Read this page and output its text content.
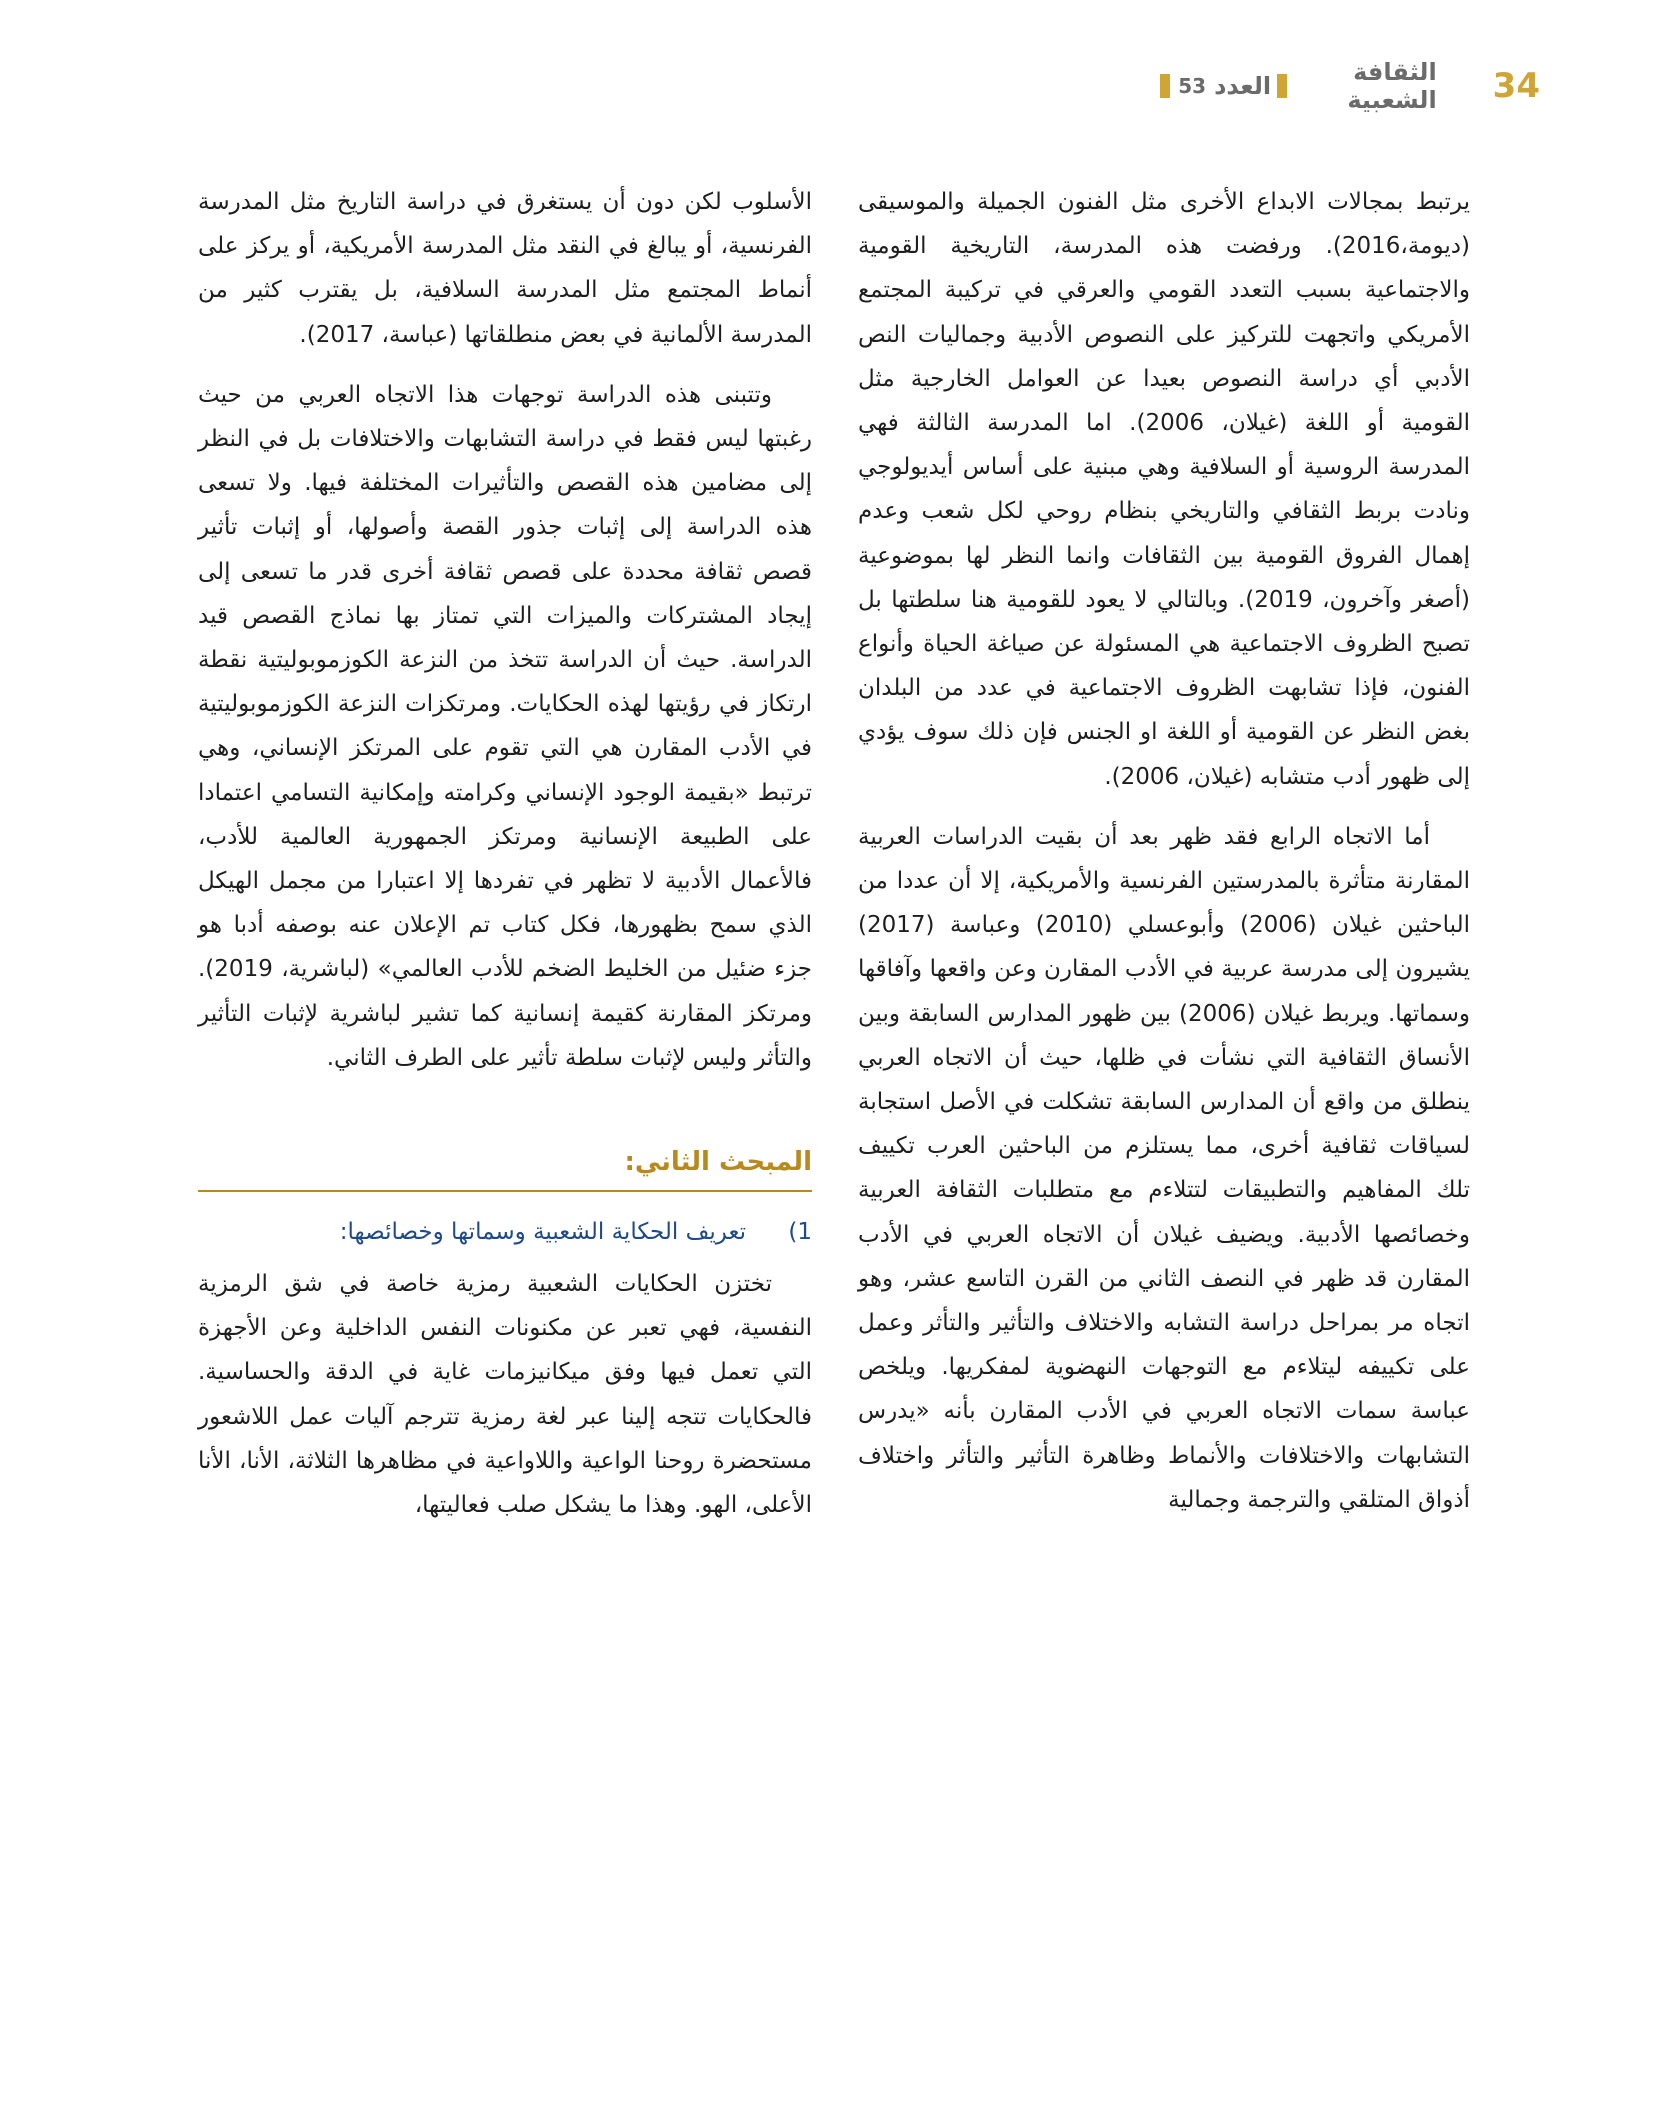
53 العدد	الثقافة الشعبية 34

يرتبط بمجالات الابداع الأخرى مثل الفنون الجميلة والموسيقى (ديومة،2016). ورفضت هذه المدرسة، التاريخية القومية والاجتماعية بسبب التعدد القومي والعرقي في تركيبة المجتمع الأمريكي واتجهت للتركيز على النصوص الأدبية وجماليات النص الأدبي أي دراسة النصوص بعيدا عن العوامل الخارجية مثل القومية أو اللغة (غيلان، 2006). اما المدرسة الثالثة فهي المدرسة الروسية أو السلافية وهي مبنية على أساس أيديولوجي ونادت بربط الثقافي والتاريخي بنظام روحي لكل شعب وعدم إهمال الفروق القومية بين الثقافات وانما النظر لها بموضوعية (أصغر وآخرون، 2019). وبالتالي لا يعود للقومية هنا سلطتها بل تصبح الظروف الاجتماعية هي المسئولة عن صياغة الحياة وأنواع الفنون، فإذا تشابهت الظروف الاجتماعية في عدد من البلدان بغض النظر عن القومية أو اللغة او الجنس فإن ذلك سوف يؤدي إلى ظهور أدب متشابه (غيلان، 2006).

أما الاتجاه الرابع فقد ظهر بعد أن بقيت الدراسات العربية المقارنة متأثرة بالمدرستين الفرنسية والأمريكية، إلا أن عددا من الباحثين غيلان (2006) وأبوعسلي (2010) وعباسة (2017) يشيرون إلى مدرسة عربية في الأدب المقارن وعن واقعها وآفاقها وسماتها. ويربط غيلان (2006) بين ظهور المدارس السابقة وبين الأنساق الثقافية التي نشأت في ظلها، حيث أن الاتجاه العربي ينطلق من واقع أن المدارس السابقة تشكلت في الأصل استجابة لسياقات ثقافية أخرى، مما يستلزم من الباحثين العرب تكييف تلك المفاهيم والتطبيقات لتتلاءم مع متطلبات الثقافة العربية وخصائصها الأدبية. ويضيف غيلان أن الاتجاه العربي في الأدب المقارن قد ظهر في النصف الثاني من القرن التاسع عشر، وهو اتجاه مر بمراحل دراسة التشابه والاختلاف والتأثير والتأثر وعمل على تكييفه ليتلاءم مع التوجهات النهضوية لمفكريها. ويلخص عباسة سمات الاتجاه العربي في الأدب المقارن بأنه «يدرس التشابهات والاختلافات والأنماط وظاهرة التأثير والتأثر واختلاف أذواق المتلقي والترجمة وجمالية

الأسلوب لكن دون أن يستغرق في دراسة التاريخ مثل المدرسة الفرنسية، أو يبالغ في النقد مثل المدرسة الأمريكية، أو يركز على أنماط المجتمع مثل المدرسة السلافية، بل يقترب كثير من المدرسة الألمانية في بعض منطلقاتها (عباسة، 2017).

وتتبنى هذه الدراسة توجهات هذا الاتجاه العربي من حيث رغبتها ليس فقط في دراسة التشابهات والاختلافات بل في النظر إلى مضامين هذه القصص والتأثيرات المختلفة فيها. ولا تسعى هذه الدراسة إلى إثبات جذور القصة وأصولها، أو إثبات تأثير قصص ثقافة محددة على قصص ثقافة أخرى قدر ما تسعى إلى إيجاد المشتركات والميزات التي تمتاز بها نماذج القصص قيد الدراسة. حيث أن الدراسة تتخذ من النزعة الكوزموبوليتية نقطة ارتكاز في رؤيتها لهذه الحكايات. ومرتكزات النزعة الكوزموبوليتية في الأدب المقارن هي التي تقوم على المرتكز الإنساني، وهي ترتبط «بقيمة الوجود الإنساني وكرامته وإمكانية التسامي اعتمادا على الطبيعة الإنسانية ومرتكز الجمهورية العالمية للأدب، فالأعمال الأدبية لا تظهر في تفردها إلا اعتبارا من مجمل الهيكل الذي سمح بظهورها، فكل كتاب تم الإعلان عنه بوصفه أدبا هو جزء ضئيل من الخليط الضخم للأدب العالمي» (لباشرية، 2019). ومرتكز المقارنة كقيمة إنسانية كما تشير لباشرية لإثبات التأثير والتأثر وليس لإثبات سلطة تأثير على الطرف الثاني.

المبحث الثاني:

1)
تعريف الحكاية الشعبية وسماتها وخصائصها:

تختزن الحكايات الشعبية رمزية خاصة في شق الرمزية النفسية، فهي تعبر عن مكنونات النفس الداخلية وعن الأجهزة التي تعمل فيها وفق ميكانيزمات غاية في الدقة والحساسية. فالحكايات تتجه إلينا عبر لغة رمزية تترجم آليات عمل اللاشعور مستحضرة روحنا الواعية واللاواعية في مظاهرها الثلاثة، الأنا، الأنا الأعلى، الهو. وهذا ما يشكل صلب فعاليتها،
